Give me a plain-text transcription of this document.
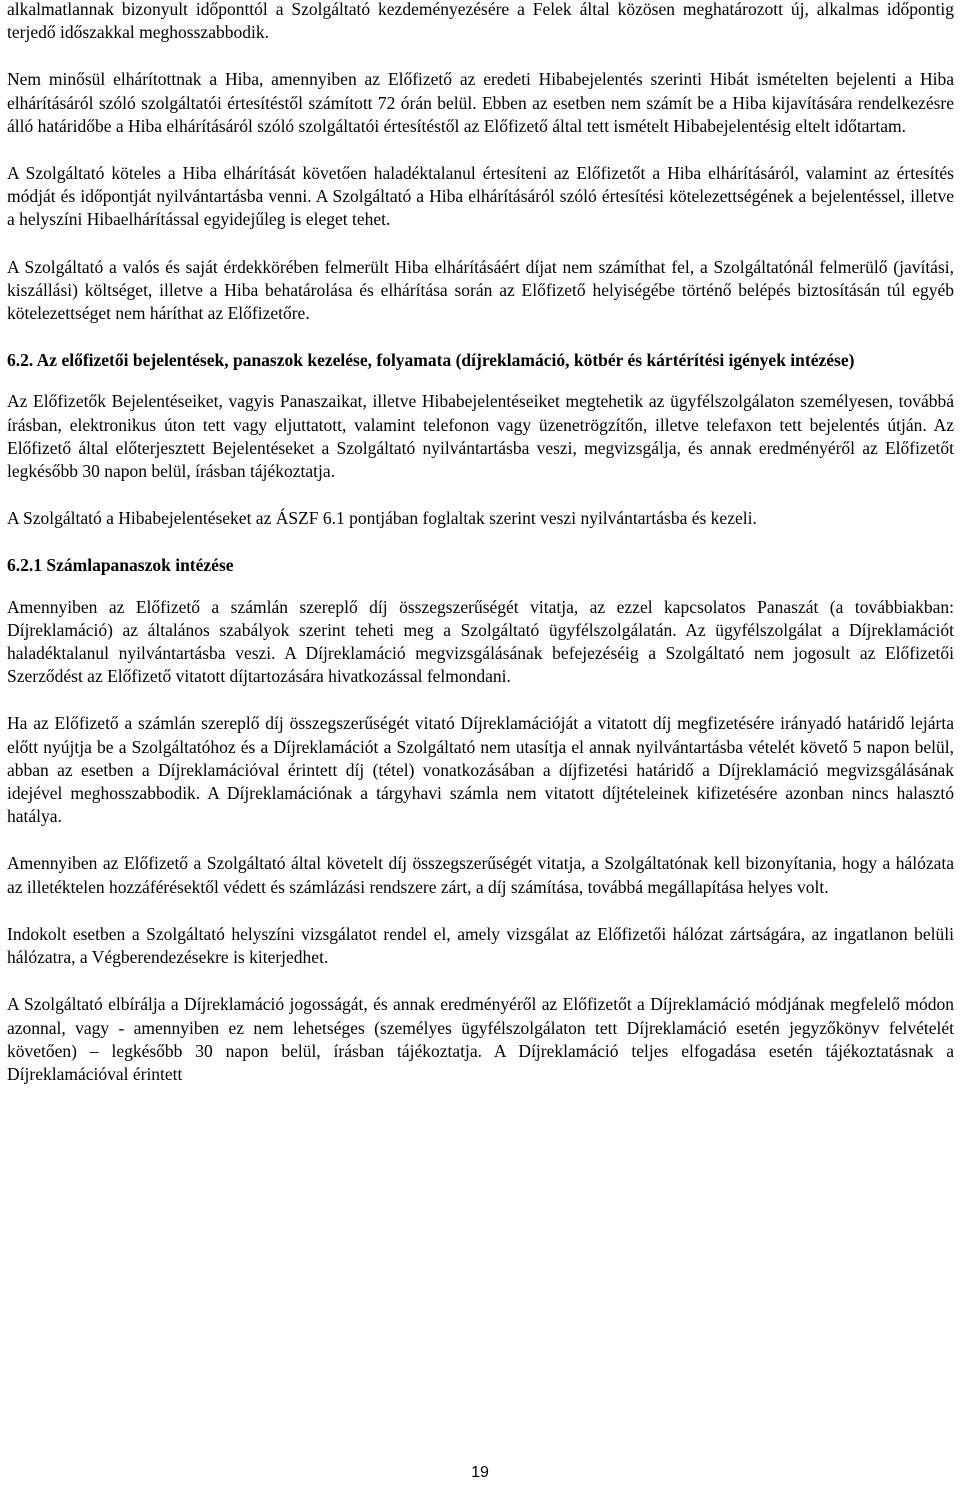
alkalmatlannak bizonyult időponttól a Szolgáltató kezdeményezésére a Felek által közösen meghatározott új, alkalmas időpontig terjedő időszakkal meghosszabbodik.

Nem minősül elhárítottnak a Hiba, amennyiben az Előfizető az eredeti Hibabejelentés szerinti Hibát ismételten bejelenti a Hiba elhárításáról szóló szolgáltatói értesítéstől számított 72 órán belül. Ebben az esetben nem számít be a Hiba kijavítására rendelkezésre álló határidőbe a Hiba elhárításáról szóló szolgáltatói értesítéstől az Előfizető által tett ismételt Hibabejelentésig eltelt időtartam.

A Szolgáltató köteles a Hiba elhárítását követően haladéktalanul értesíteni az Előfizetőt a Hiba elhárításáról, valamint az értesítés módját és időpontját nyilvántartásba venni. A Szolgáltató a Hiba elhárításáról szóló értesítési kötelezettségének a bejelentéssel, illetve a helyszíni Hibaelhárítással egyidejűleg is eleget tehet.

A Szolgáltató a valós és saját érdekkörében felmerült Hiba elhárításáért díjat nem számíthat fel, a Szolgáltatónál felmerülő (javítási, kiszállási) költséget, illetve a Hiba behatárolása és elhárítása során az Előfizető helyiségébe történő belépés biztosításán túl egyéb kötelezettséget nem háríthat az Előfizetőre.

6.2. Az előfizetői bejelentések, panaszok kezelése, folyamata (díjreklamáció, kötbér és kártérítési igények intézése)

Az Előfizetők Bejelentéseiket, vagyis Panaszaikat, illetve Hibabejelentéseiket megtehetik az ügyfélszolgálaton személyesen, továbbá írásban, elektronikus úton tett vagy eljuttatott, valamint telefonon vagy üzenetrögzítőn, illetve telefaxon tett bejelentés útján. Az Előfizető által előterjesztett Bejelentéseket a Szolgáltató nyilvántartásba veszi, megvizsgálja, és annak eredményéről az Előfizetőt legkésőbb 30 napon belül, írásban tájékoztatja.

A Szolgáltató a Hibabejelentéseket az ÁSZF 6.1 pontjában foglaltak szerint veszi nyilvántartásba és kezeli.

6.2.1 Számlapanaszok intézése

Amennyiben az Előfizető a számlán szereplő díj összegszerűségét vitatja, az ezzel kapcsolatos Panaszát (a továbbiakban: Díjreklamáció) az általános szabályok szerint teheti meg a Szolgáltató ügyfélszolgálatán. Az ügyfélszolgálat a Díjreklamációt haladéktalanul nyilvántartásba veszi. A Díjreklamáció megvizsgálásának befejezéséig a Szolgáltató nem jogosult az Előfizetői Szerződést az Előfizető vitatott díjtartozására hivatkozással felmondani.

Ha az Előfizető a számlán szereplő díj összegszerűségét vitató Díjreklamációját a vitatott díj megfizetésére irányadó határidő lejárta előtt nyújtja be a Szolgáltatóhoz és a Díjreklamációt a Szolgáltató nem utasítja el annak nyilvántartásba vételét követő 5 napon belül, abban az esetben a Díjreklamációval érintett díj (tétel) vonatkozásában a díjfizetési határidő a Díjreklamáció megvizsgálásának idejével meghosszabbodik. A Díjreklamációnak a tárgyhavi számla nem vitatott díjtételeinek kifizetésére azonban nincs halasztó hatálya.

Amennyiben az Előfizető a Szolgáltató által követelt díj összegszerűségét vitatja, a Szolgáltatónak kell bizonyítania, hogy a hálózata az illetéktelen hozzáférésektől védett és számlázási rendszere zárt, a díj számítása, továbbá megállapítása helyes volt.

Indokolt esetben a Szolgáltató helyszíni vizsgálatot rendel el, amely vizsgálat az Előfizetői hálózat zártságára, az ingatlanon belüli hálózatra, a Végberendezésekre is kiterjedhet.

A Szolgáltató elbírálja a Díjreklamáció jogosságát, és annak eredményéről az Előfizetőt a Díjreklamáció módjának megfelelő módon azonnal, vagy - amennyiben ez nem lehetséges (személyes ügyfélszolgálaton tett Díjreklamáció esetén jegyzőkönyv felvételét követően) – legkésőbb 30 napon belül, írásban tájékoztatja. A Díjreklamáció teljes elfogadása esetén tájékoztatásnak a Díjreklamációval érintett

19
